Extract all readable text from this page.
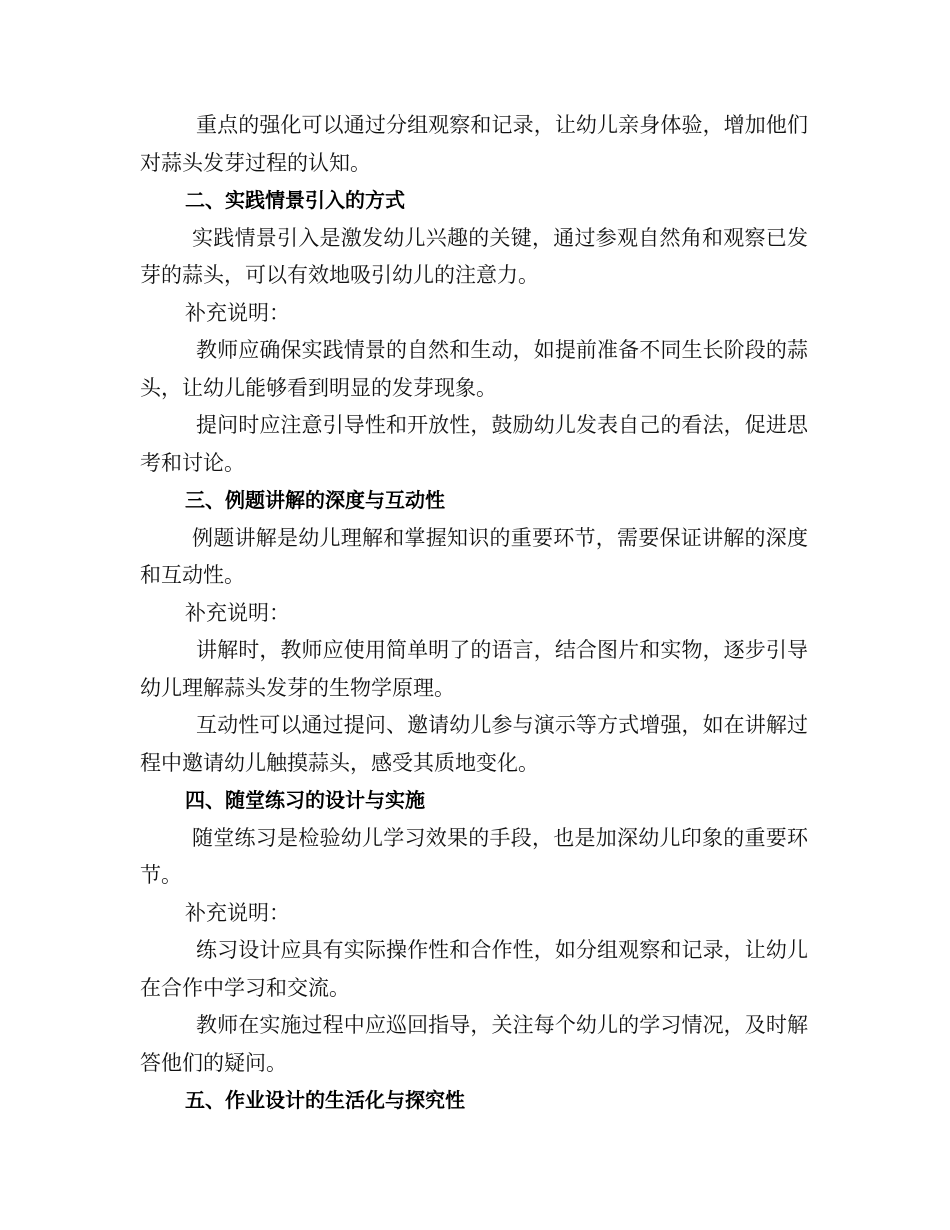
重点的强化可以通过分组观察和记录，让幼儿亲身体验，增加他们对蒜头发芽过程的认知。

二、实践情景引入的方式

实践情景引入是激发幼儿兴趣的关键，通过参观自然角和观察已发芽的蒜头，可以有效地吸引幼儿的注意力。

补充说明：

教师应确保实践情景的自然和生动，如提前准备不同生长阶段的蒜头，让幼儿能够看到明显的发芽现象。

提问时应注意引导性和开放性，鼓励幼儿发表自己的看法，促进思考和讨论。

三、例题讲解的深度与互动性

例题讲解是幼儿理解和掌握知识的重要环节，需要保证讲解的深度和互动性。

补充说明：

讲解时，教师应使用简单明了的语言，结合图片和实物，逐步引导幼儿理解蒜头发芽的生物学原理。

互动性可以通过提问、邀请幼儿参与演示等方式增强，如在讲解过程中邀请幼儿触摸蒜头，感受其质地变化。

四、随堂练习的设计与实施

随堂练习是检验幼儿学习效果的手段，也是加深幼儿印象的重要环节。

补充说明：

练习设计应具有实际操作性和合作性，如分组观察和记录，让幼儿在合作中学习和交流。

教师在实施过程中应巡回指导，关注每个幼儿的学习情况，及时解答他们的疑问。

五、作业设计的生活化与探究性
